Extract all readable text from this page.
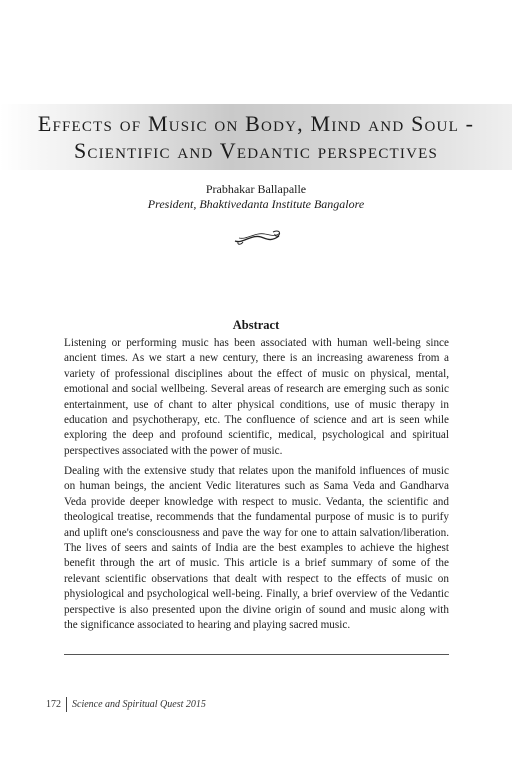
Effects of Music on Body, Mind and Soul -
Scientific and Vedantic perspectives
Prabhakar Ballapalle
President, Bhaktivedanta Institute Bangalore
Abstract
Listening or performing music has been associated with human well-being since ancient times. As we start a new century, there is an increasing awareness from a variety of professional disciplines about the effect of music on physical, mental, emotional and social wellbeing. Several areas of research are emerging such as sonic entertainment, use of chant to alter physical conditions, use of music therapy in education and psychotherapy, etc. The confluence of science and art is seen while exploring the deep and profound scientific, medical, psychological and spiritual perspectives associated with the power of music.
Dealing with the extensive study that relates upon the manifold influences of music on human beings, the ancient Vedic literatures such as Sama Veda and Gandharva Veda provide deeper knowledge with respect to music. Vedanta, the scientific and theological treatise, recommends that the fundamental purpose of music is to purify and uplift one's consciousness and pave the way for one to attain salvation/liberation. The lives of seers and saints of India are the best examples to achieve the highest benefit through the art of music. This article is a brief summary of some of the relevant scientific observations that dealt with respect to the effects of music on physiological and psychological well-being. Finally, a brief overview of the Vedantic perspective is also presented upon the divine origin of sound and music along with the significance associated to hearing and playing sacred music.
172	Science and Spiritual Quest 2015
